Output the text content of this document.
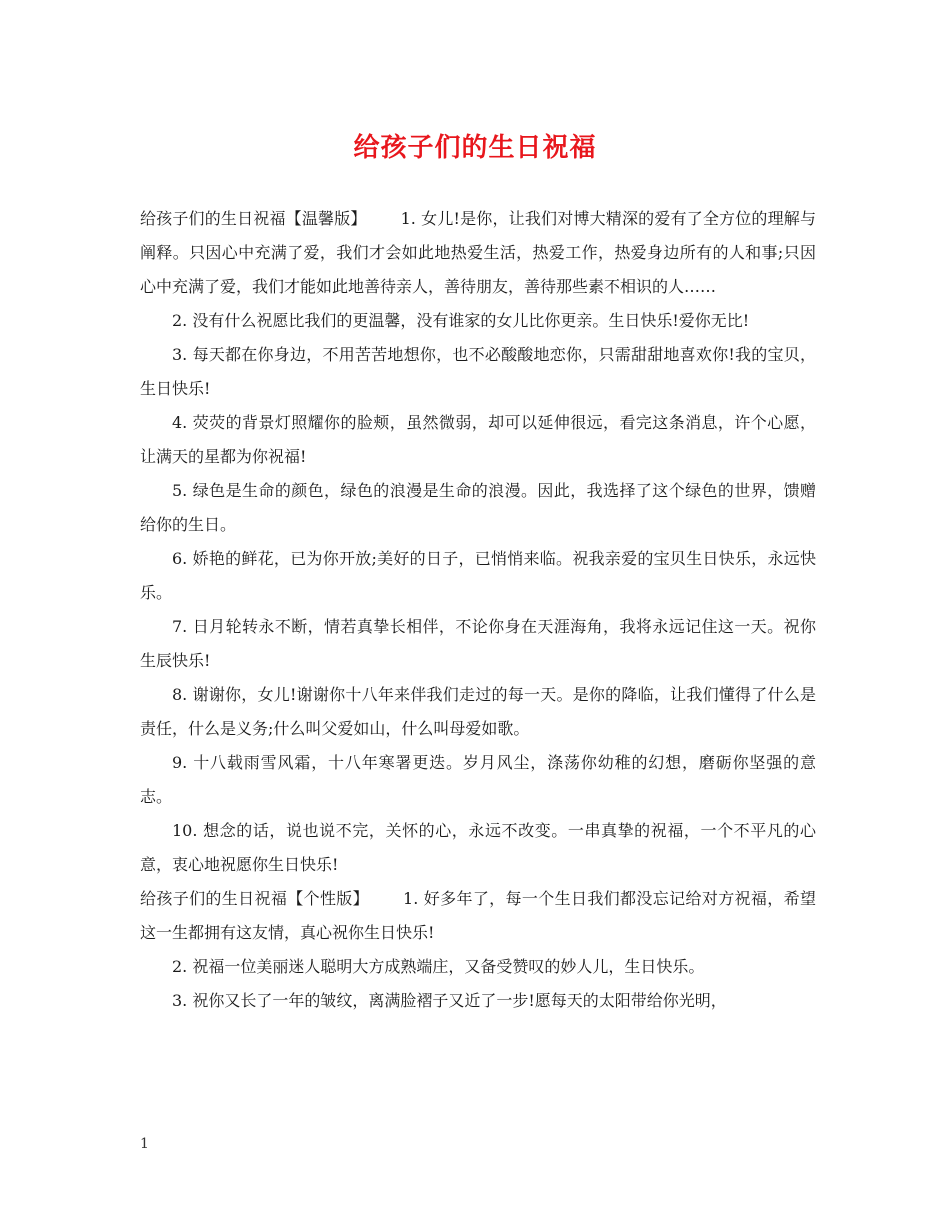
给孩子们的生日祝福

给孩子们的生日祝福【温馨版】 1. 女儿!是你，让我们对博大精深的爱有了全方位的理解与阐释。只因心中充满了爱，我们才会如此地热爱生活，热爱工作，热爱身边所有的人和事;只因心中充满了爱，我们才能如此地善待亲人，善待朋友，善待那些素不相识的人……

2. 没有什么祝愿比我们的更温馨，没有谁家的女儿比你更亲。生日快乐!爱你无比!

3. 每天都在你身边，不用苦苦地想你，也不必酸酸地恋你，只需甜甜地喜欢你!我的宝贝，生日快乐!

4. 荧荧的背景灯照耀你的脸颊，虽然微弱，却可以延伸很远，看完这条消息，许个心愿，让满天的星都为你祝福!

5. 绿色是生命的颜色，绿色的浪漫是生命的浪漫。因此，我选择了这个绿色的世界，馈赠给你的生日。

6. 娇艳的鲜花，已为你开放;美好的日子，已悄悄来临。祝我亲爱的宝贝生日快乐，永远快乐。

7. 日月轮转永不断，情若真挚长相伴，不论你身在天涯海角，我将永远记住这一天。祝你生辰快乐!

8. 谢谢你，女儿!谢谢你十八年来伴我们走过的每一天。是你的降临，让我们懂得了什么是责任，什么是义务;什么叫父爱如山，什么叫母爱如歌。

9. 十八载雨雪风霜，十八年寒署更迭。岁月风尘，涤荡你幼稚的幻想，磨砺你坚强的意志。

10. 想念的话，说也说不完，关怀的心，永远不改变。一串真挚的祝福，一个不平凡的心意，衷心地祝愿你生日快乐!

给孩子们的生日祝福【个性版】 1. 好多年了，每一个生日我们都没忘记给对方祝福，希望这一生都拥有这友情，真心祝你生日快乐!

2. 祝福一位美丽迷人聪明大方成熟端庄，又备受赞叹的妙人儿，生日快乐。

3. 祝你又长了一年的皱纹，离满脸褶子又近了一步!愿每天的太阳带给你光明，

1
